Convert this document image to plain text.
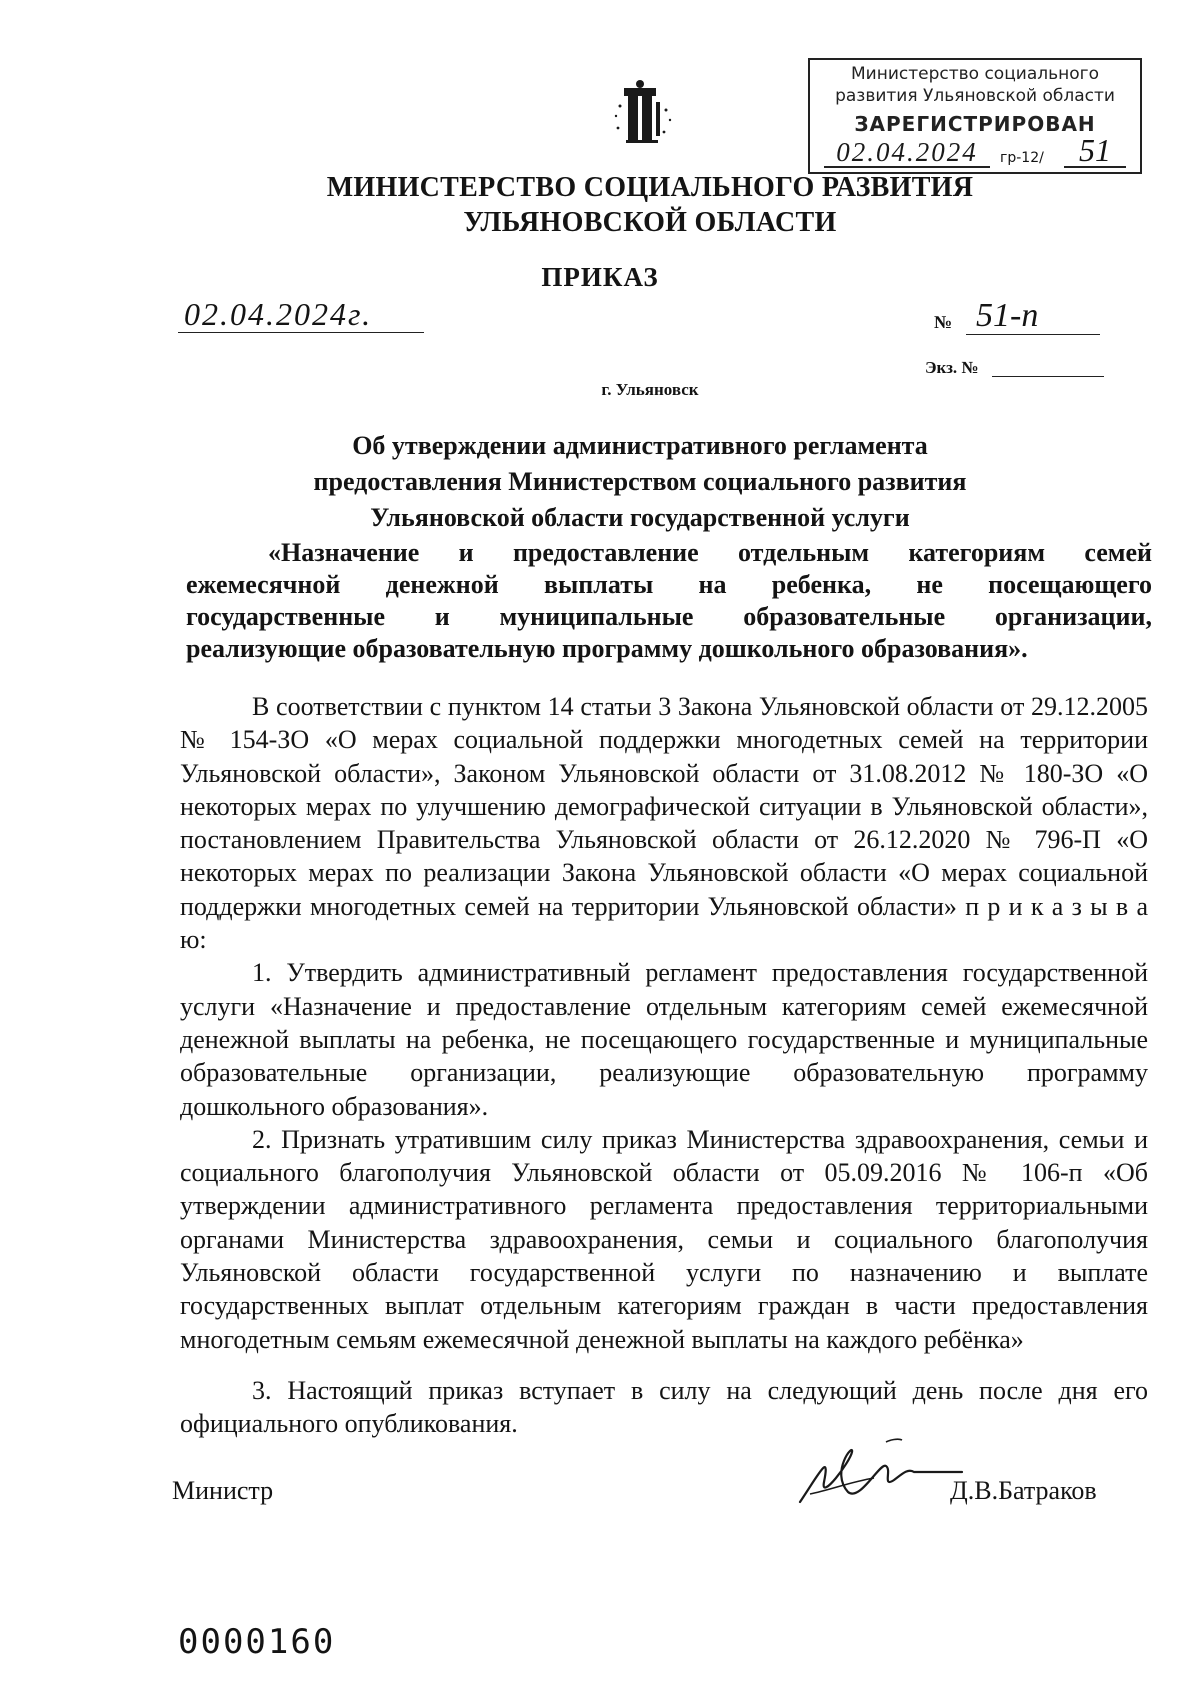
Министерство социального
развития Ульяновской области
ЗАРЕГИСТРИРОВАН
02.04.2024	гр-12/	51
МИНИСТЕРСТВО СОЦИАЛЬНОГО РАЗВИТИЯ
УЛЬЯНОВСКОЙ ОБЛАСТИ
ПРИКАЗ
02.04.2024г.	№ 51-п
Экз. №
г. Ульяновск
Об утверждении административного регламента
предоставления Министерством социального развития
Ульяновской области государственной услуги
«Назначение и предоставление отдельным категориям семей
ежемесячной денежной выплаты на ребенка, не посещающего
государственные и муниципальные образовательные организации,
реализующие образовательную программу дошкольного образования».

В соответствии с пунктом 14 статьи 3 Закона Ульяновской области от 29.12.2005 № 154-ЗО «О мерах социальной поддержки многодетных семей на территории Ульяновской области», Законом Ульяновской области от 31.08.2012 № 180-ЗО «О некоторых мерах по улучшению демографической ситуации в Ульяновской области», постановлением Правительства Ульяновской области от 26.12.2020 № 796-П «О некоторых мерах по реализации Закона Ульяновской области «О мерах социальной поддержки многодетных семей на территории Ульяновской области» п р и к а з ы в а ю:

1. Утвердить административный регламент предоставления государственной услуги «Назначение и предоставление отдельным категориям семей ежемесячной денежной выплаты на ребенка, не посещающего государственные и муниципальные образовательные организации, реализующие образовательную программу дошкольного образования».

2. Признать утратившим силу приказ Министерства здравоохранения, семьи и социального благополучия Ульяновской области от 05.09.2016 № 106-п «Об утверждении административного регламента предоставления территориальными органами Министерства здравоохранения, семьи и социального благополучия Ульяновской области государственной услуги по назначению и выплате государственных выплат отдельным категориям граждан в части предоставления многодетным семьям ежемесячной денежной выплаты на каждого ребёнка»

3. Настоящий приказ вступает в силу на следующий день после дня его официального опубликования.

Министр	Д.В.Батраков
0000160
